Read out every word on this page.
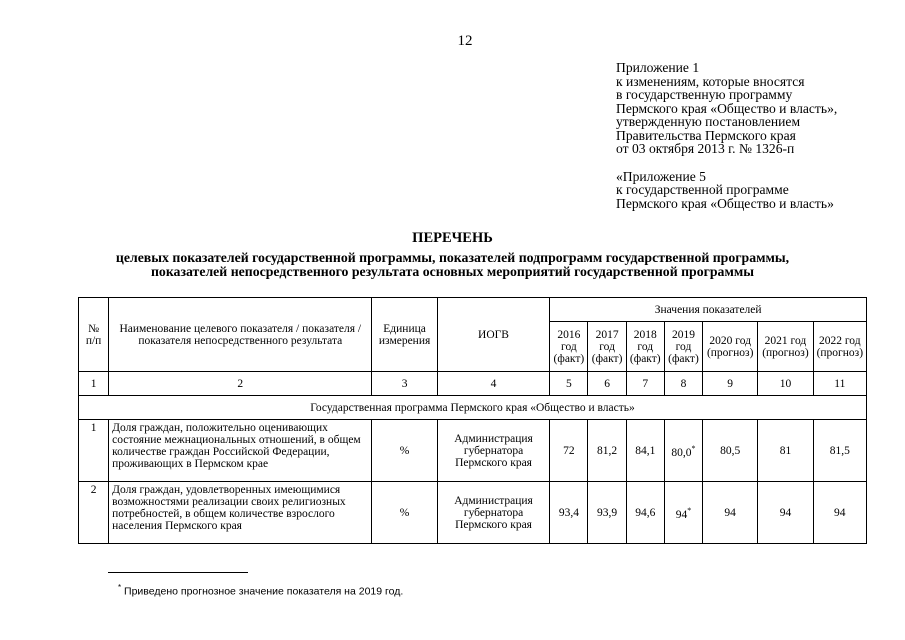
12
Приложение 1
к изменениям, которые вносятся
в государственную программу
Пермского края «Общество и власть»,
утвержденную постановлением
Правительства Пермского края
от 03 октября 2013 г. № 1326-п
«Приложение 5
к государственной программе
Пермского края «Общество и власть»
ПЕРЕЧЕНЬ
целевых показателей государственной программы, показателей подпрограмм государственной программы,
показателей непосредственного результата основных мероприятий государственной программы
№ п/п	Наименование целевого показателя / показателя / показателя непосредственного результата	Единица измерения	ИОГВ	Значения показателей						
				2016 год (факт)	2017 год (факт)	2018 год (факт)	2019 год (факт)	2020 год (прогноз)	2021 год (прогноз)	2022 год (прогноз)
1	2	3	4	5	6	7	8	9	10	11
Государственная программа Пермского края «Общество и власть»										
1	Доля граждан, положительно оценивающих состояние межнациональных отношений, в общем количестве граждан Российской Федерации, проживающих в Пермском крае	%	Администрация губернатора Пермского края	72	81,2	84,1	80,0*	80,5	81	81,5
2	Доля граждан, удовлетворенных имеющимися возможностями реализации своих религиозных потребностей, в общем количестве взрослого населения Пермского края	%	Администрация губернатора Пермского края	93,4	93,9	94,6	94*	94	94	94
* Приведено прогнозное значение показателя на 2019 год.
